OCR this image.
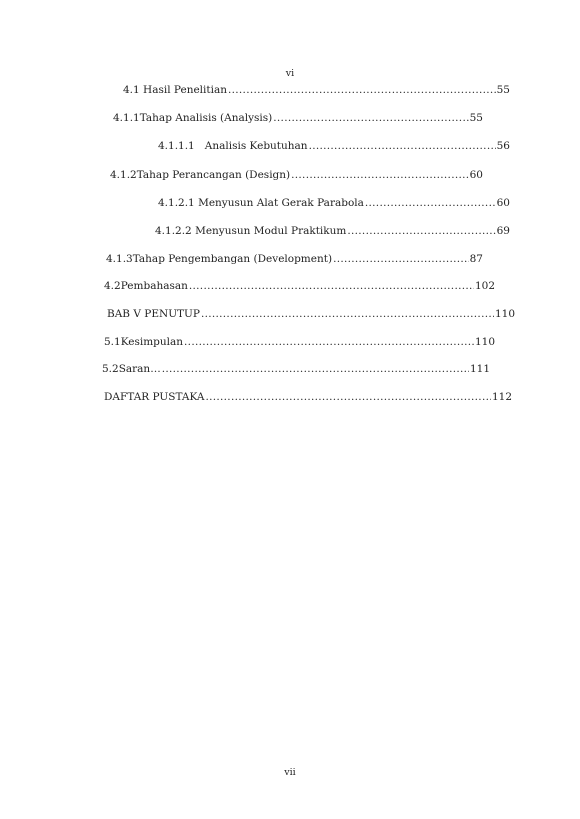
vi
4.1 Hasil Penelitian .....	55
4.1.1 Tahap Analisis (Analysis) .....	55
4.1.1.1   Analisis Kebutuhan .....	56
4.1.2 Tahap Perancangan (Design) .....	60
4.1.2.1 Menyusun Alat Gerak Parabola .....	60
4.1.2.2 Menyusun Modul Praktikum .....	69
4.1.3 Tahap Pengembangan (Development) .....	87
4.2 Pembahasan .....	102
BAB V PENUTUP .....	110
5.1 Kesimpulan .....	110
5.2 Saran… .....	111
DAFTAR PUSTAKA .....	112
vii
